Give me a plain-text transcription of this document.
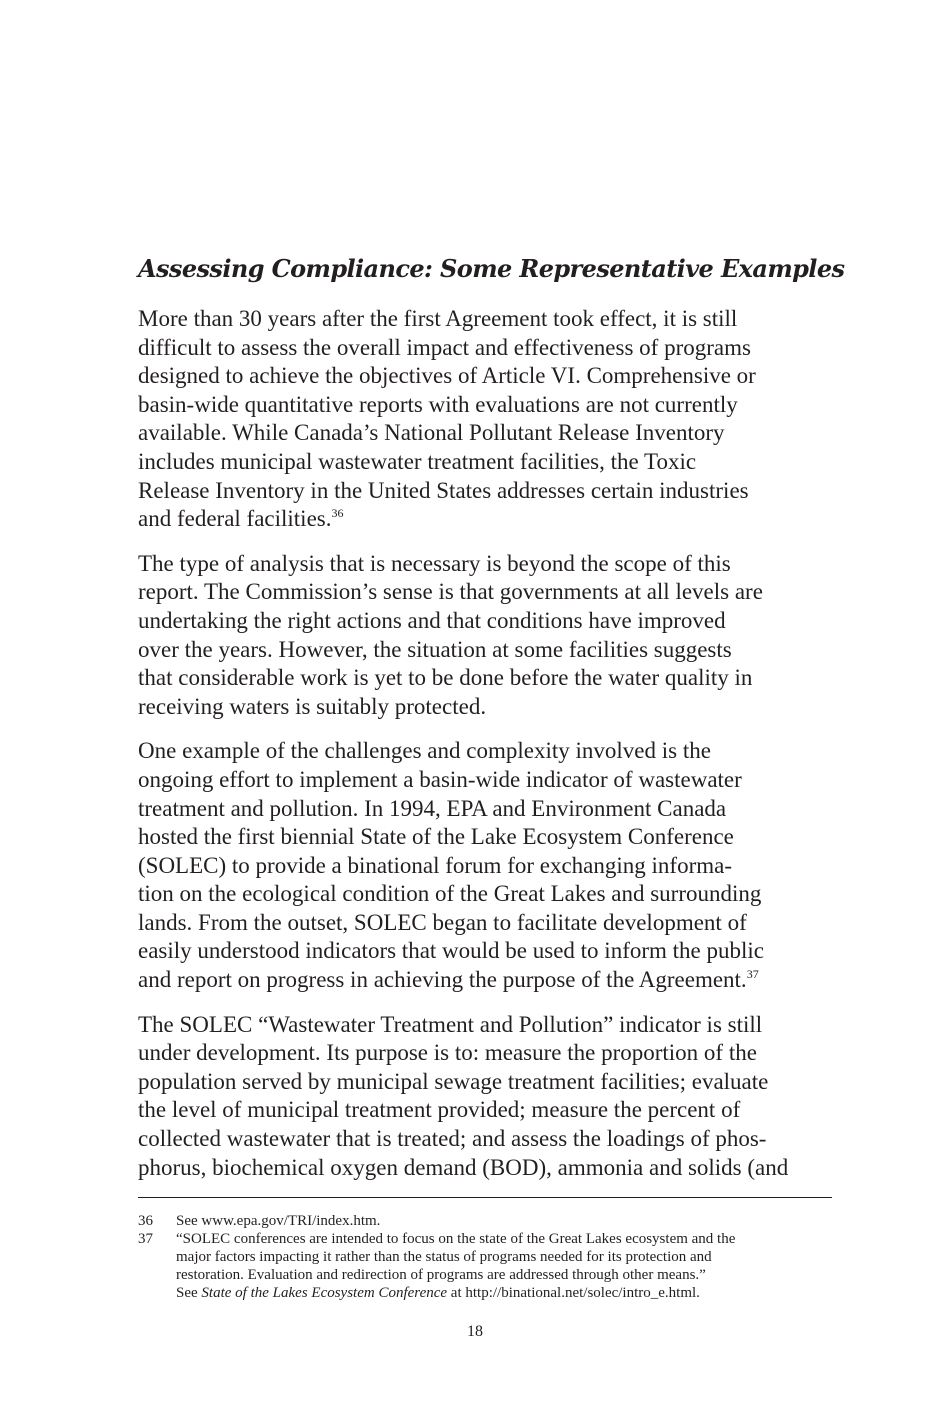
Assessing Compliance: Some Representative Examples

More than 30 years after the first Agreement took effect, it is still
difficult to assess the overall impact and effectiveness of programs
designed to achieve the objectives of Article VI. Comprehensive or
basin-wide quantitative reports with evaluations are not currently
available. While Canada’s National Pollutant Release Inventory
includes municipal wastewater treatment facilities, the Toxic
Release Inventory in the United States addresses certain industries
and federal facilities.$^{36}$

The type of analysis that is necessary is beyond the scope of this
report. The Commission’s sense is that governments at all levels are
undertaking the right actions and that conditions have improved
over the years. However, the situation at some facilities suggests
that considerable work is yet to be done before the water quality in
receiving waters is suitably protected.

One example of the challenges and complexity involved is the
ongoing effort to implement a basin-wide indicator of wastewater
treatment and pollution. In 1994, EPA and Environment Canada
hosted the first biennial State of the Lake Ecosystem Conference
(SOLEC) to provide a binational forum for exchanging informa-
tion on the ecological condition of the Great Lakes and surrounding
lands. From the outset, SOLEC began to facilitate development of
easily understood indicators that would be used to inform the public
and report on progress in achieving the purpose of the Agreement.$^{37}$

The SOLEC “Wastewater Treatment and Pollution” indicator is still
under development. Its purpose is to: measure the proportion of the
population served by municipal sewage treatment facilities; evaluate
the level of municipal treatment provided; measure the percent of
collected wastewater that is treated; and assess the loadings of phos-
phorus, biochemical oxygen demand (BOD), ammonia and solids (and

36	See www.epa.gov/TRI/index.htm.
37	“SOLEC conferences are intended to focus on the state of the Great Lakes ecosystem and the
major factors impacting it rather than the status of programs needed for its protection and
restoration. Evaluation and redirection of programs are addressed through other means.”
See State of the Lakes Ecosystem Conference at http://binational.net/solec/intro_e.html.
18
